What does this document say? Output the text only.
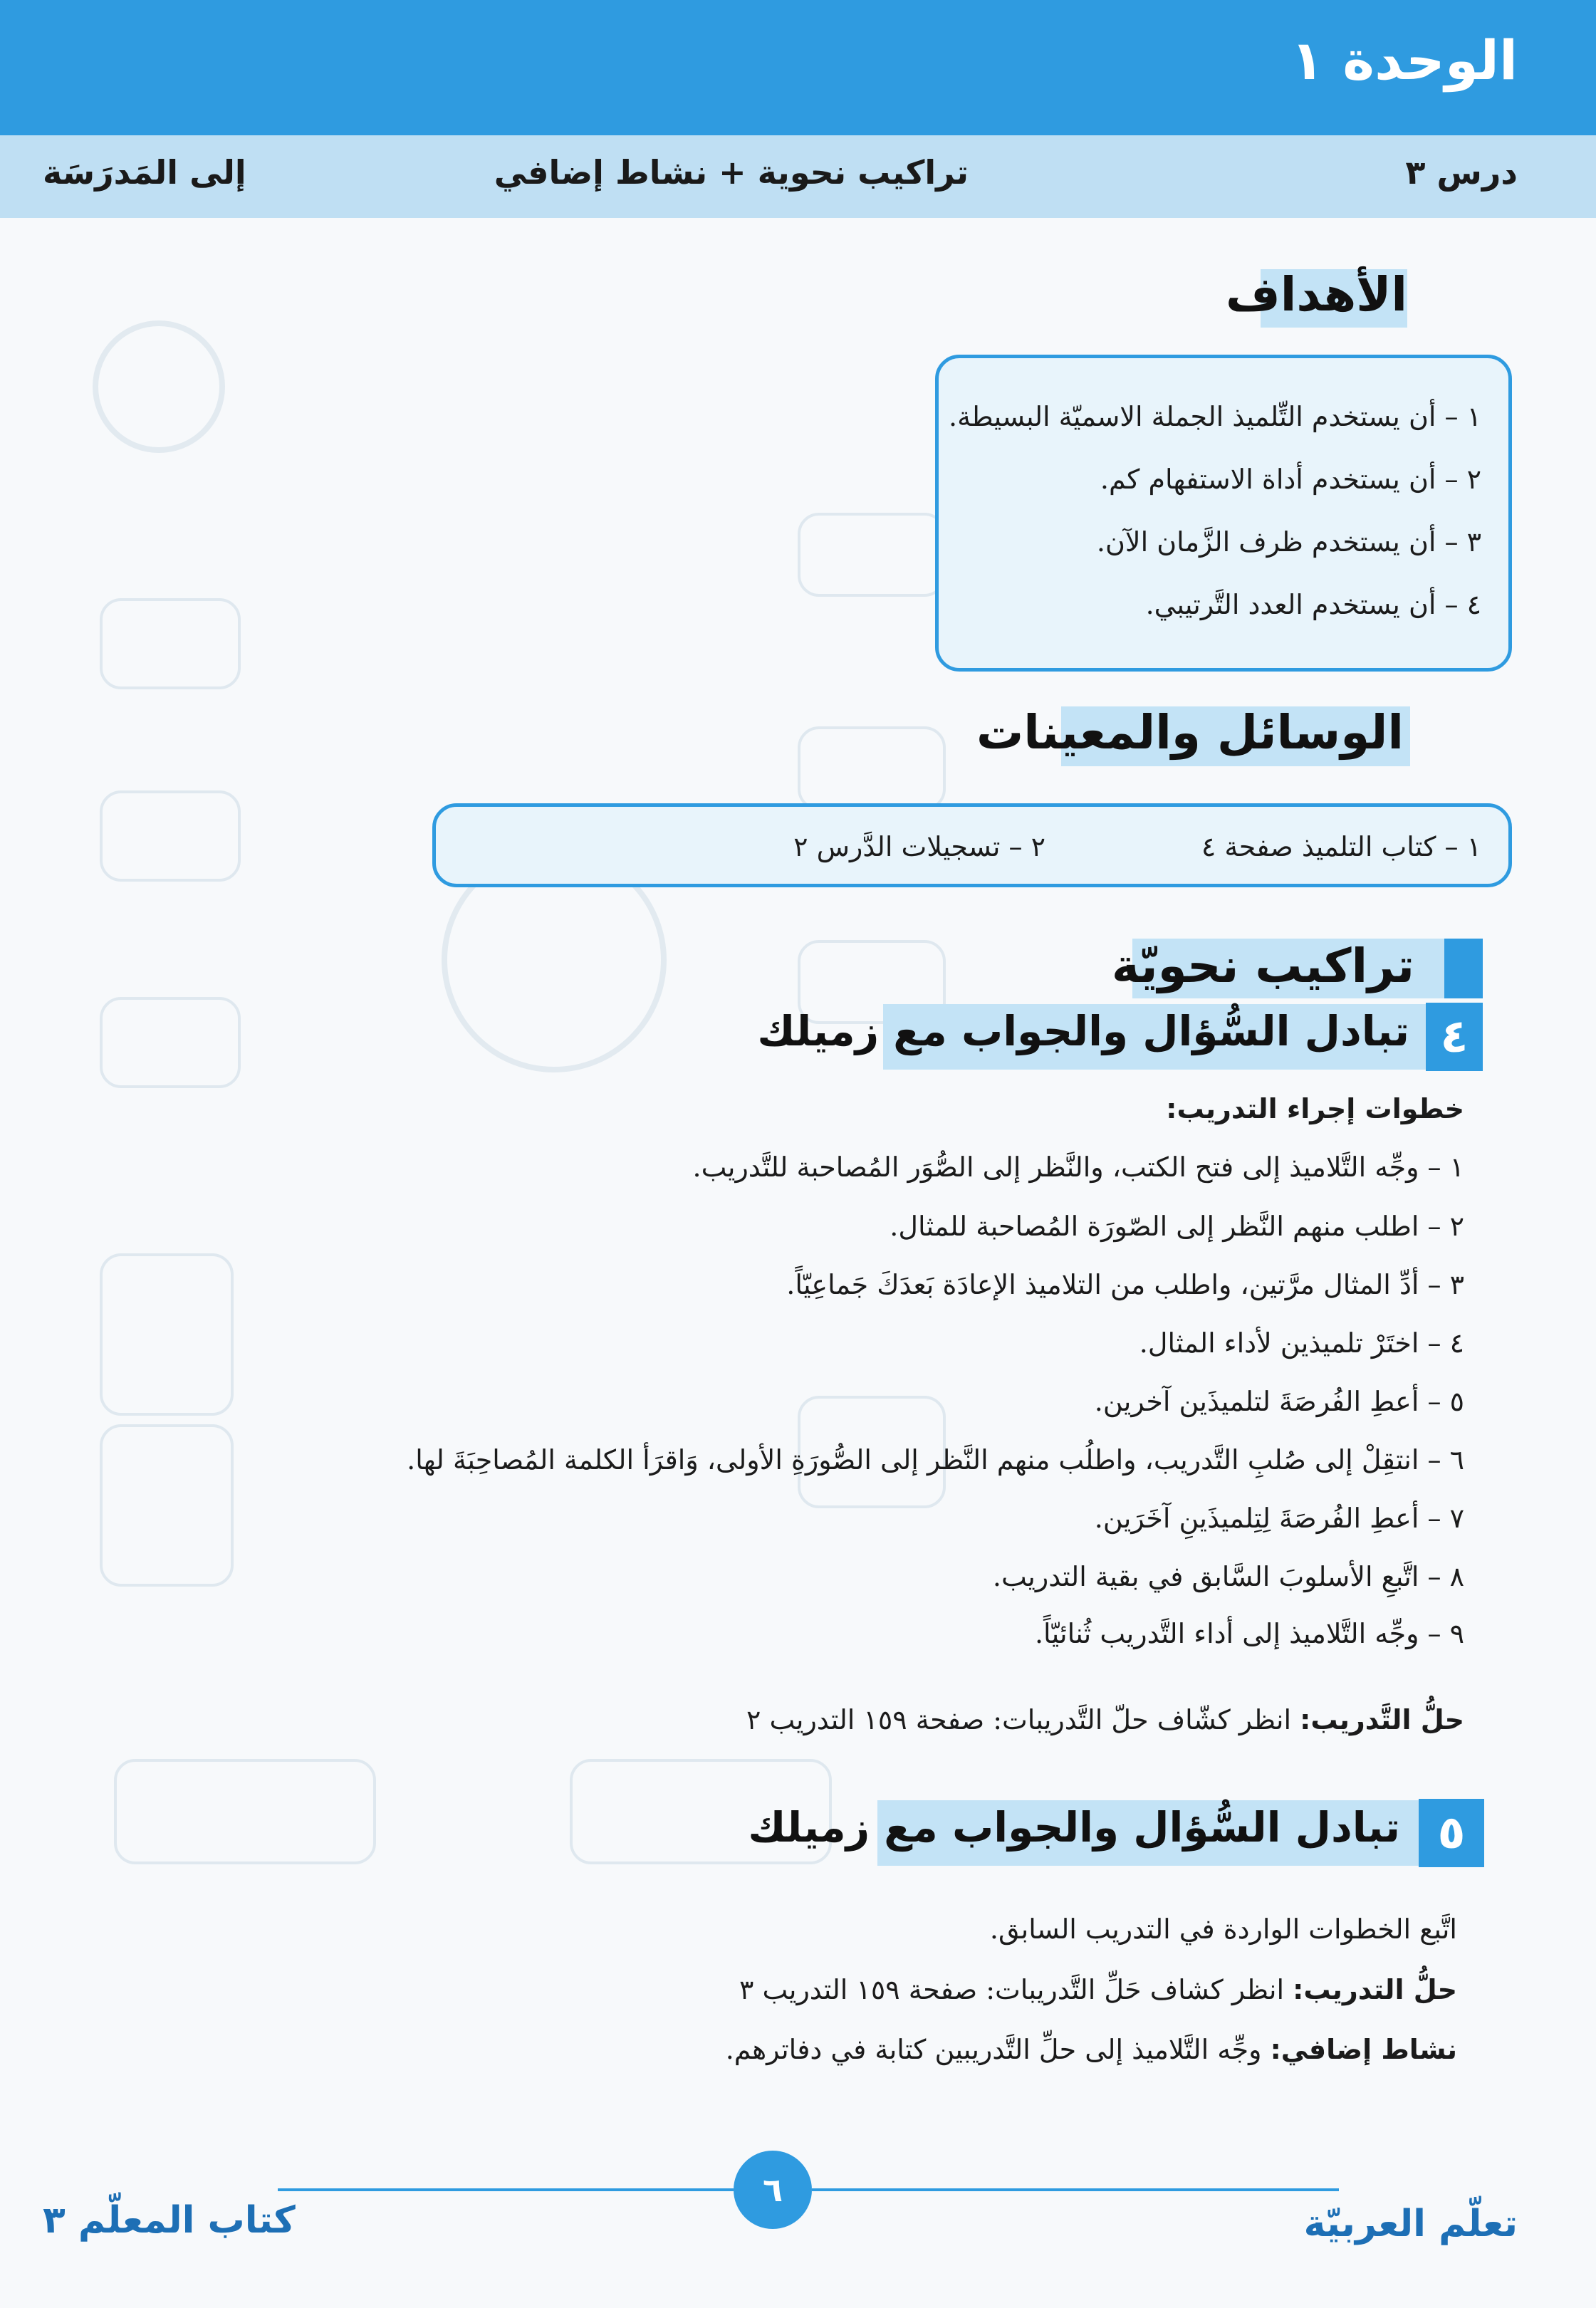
الوحدة ١
درس ٣
تراكيب نحوية + نشاط إضافي
إلى المَدرَسَة
الأهداف
١ – أن يستخدم التِّلميذ الجملة الاسميّة البسيطة.
٢ – أن يستخدم أداة الاستفهام كم.
٣ – أن يستخدم ظرف الزَّمان الآن.
٤ – أن يستخدم العدد التَّرتيبي.
الوسائل والمعينات
١ – كتاب التلميذ صفحة ٤
٢ – تسجيلات الدَّرس ٢
تراكيب نحويّة
٤
تبادل السُّؤال والجواب مع زميلك
خطوات إجراء التدريب:
١ – وجِّه التَّلاميذ إلى فتح الكتب، والنَّظر إلى الصُّوَر المُصاحبة للتَّدريب.
٢ – اطلب منهم النَّظر إلى الصّورَة المُصاحبة للمثال.
٣ – أدِّ المثال مرَّتين، واطلب من التلاميذ الإعادَة بَعدَكَ جَماعِيّاً.
٤ – اختَرْ تلميذين لأداء المثال.
٥ – أعطِ الفُرصَةَ لتلميذَين آخرين.
٦ – انتقِلْ إلى صُلبِ التَّدريب، واطلُب منهم النَّظر إلى الصُّورَةِ الأولى، وَاقرَأ الكلمة المُصاحِبَةَ لها.
٧ – أعطِ الفُرصَةَ لِتِلميذَينِ آخَرَين.
٨ – اتَّبعِ الأسلوبَ السَّابق في بقية التدريب.
٩ – وجِّه التَّلاميذ إلى أداء التَّدريب ثُنائيّاً.
حلُّ التَّدريب: انظر كشّاف حلّ التَّدريبات: صفحة ١٥٩ التدريب ٢
٥
تبادل السُّؤال والجواب مع زميلك
اتَّبع الخطوات الواردة في التدريب السابق.
حلُّ التدريب: انظر كشاف حَلِّ التَّدريبات: صفحة ١٥٩ التدريب ٣
نشاط إضافي: وجِّه التَّلاميذ إلى حلِّ التَّدريبين كتابة في دفاترهم.
٦
كتاب المعلّم ٣	تعلّم العربيّة
